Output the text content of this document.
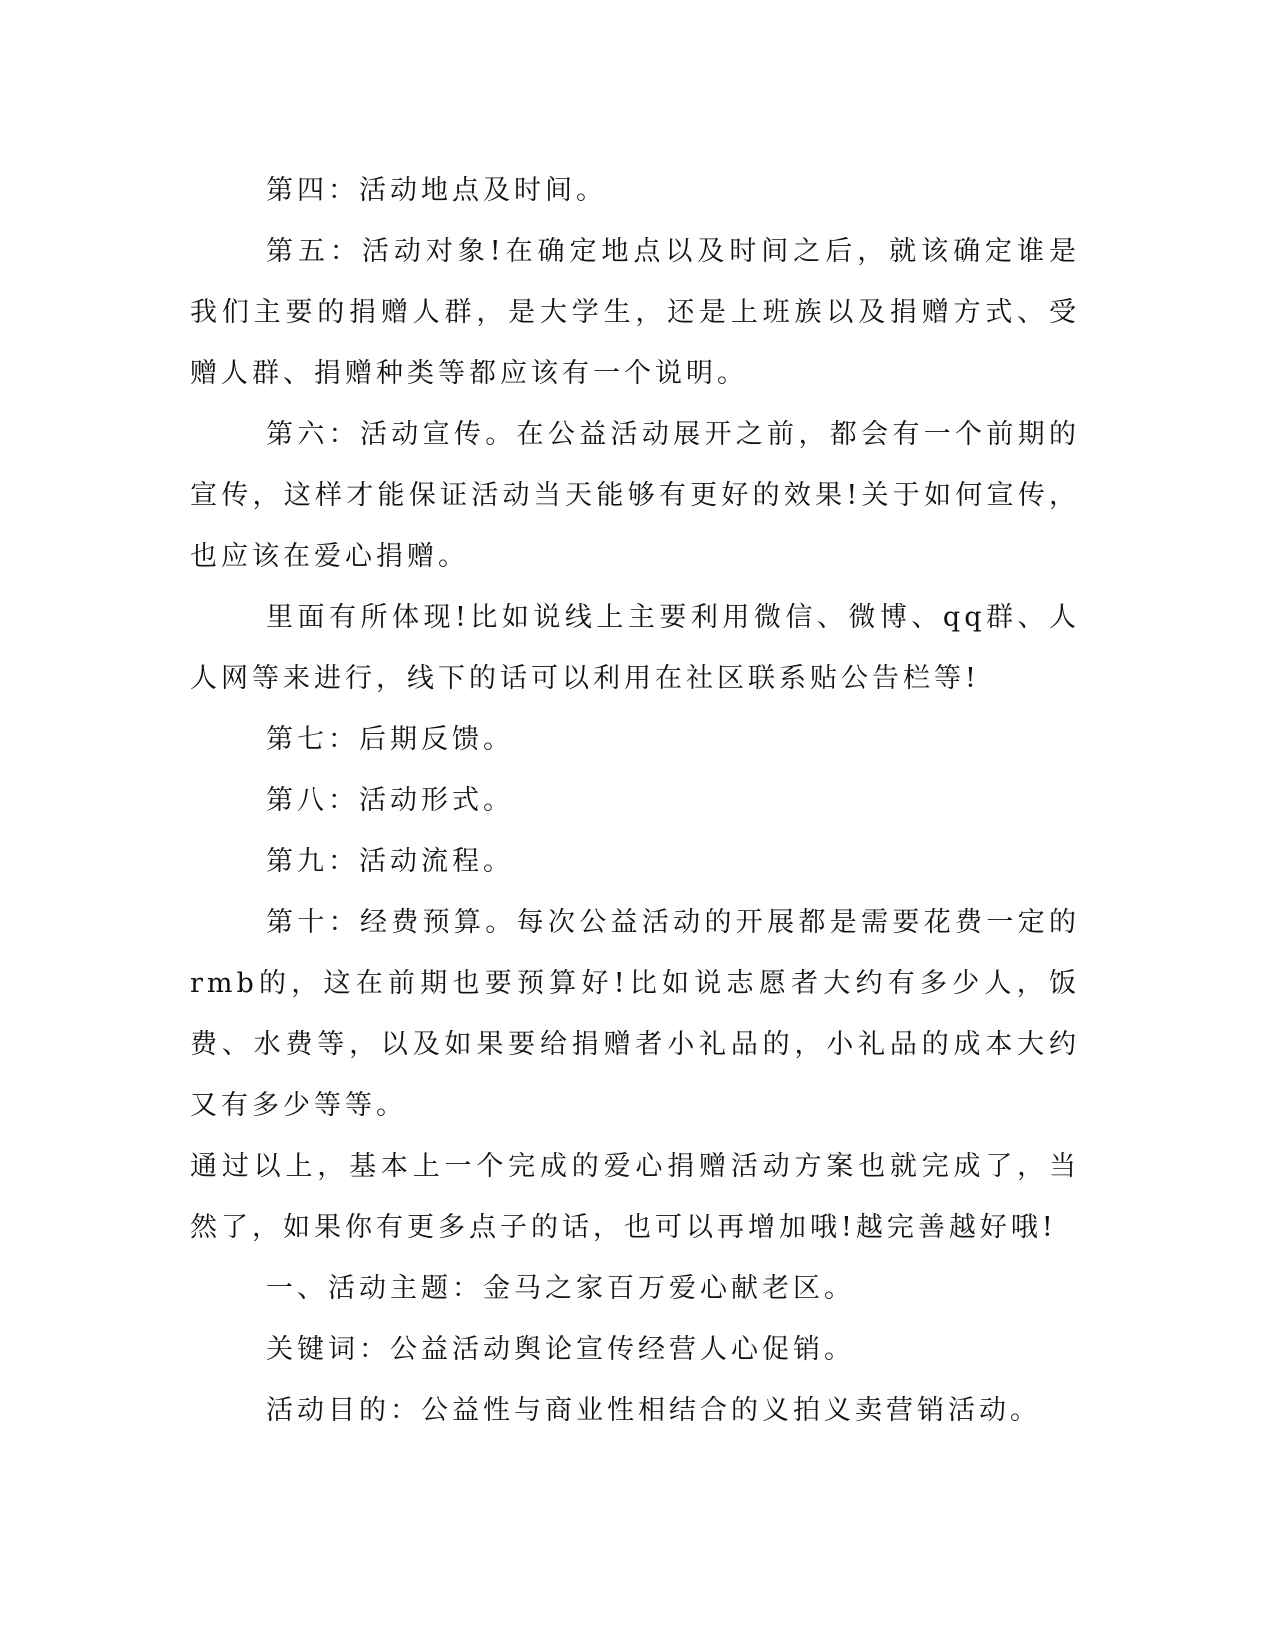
第四：活动地点及时间。

第五：活动对象!在确定地点以及时间之后，就该确定谁是我们主要的捐赠人群，是大学生，还是上班族以及捐赠方式、受赠人群、捐赠种类等都应该有一个说明。

第六：活动宣传。在公益活动展开之前，都会有一个前期的宣传，这样才能保证活动当天能够有更好的效果!关于如何宣传，也应该在爱心捐赠。

里面有所体现!比如说线上主要利用微信、微博、qq群、人人网等来进行，线下的话可以利用在社区联系贴公告栏等!

第七：后期反馈。

第八：活动形式。

第九：活动流程。

第十：经费预算。每次公益活动的开展都是需要花费一定的rmb的，这在前期也要预算好!比如说志愿者大约有多少人，饭费、水费等，以及如果要给捐赠者小礼品的，小礼品的成本大约又有多少等等。

通过以上，基本上一个完成的爱心捐赠活动方案也就完成了，当然了，如果你有更多点子的话，也可以再增加哦!越完善越好哦!

一、活动主题：金马之家百万爱心献老区。

关键词：公益活动舆论宣传经营人心促销。

活动目的：公益性与商业性相结合的义拍义卖营销活动。
